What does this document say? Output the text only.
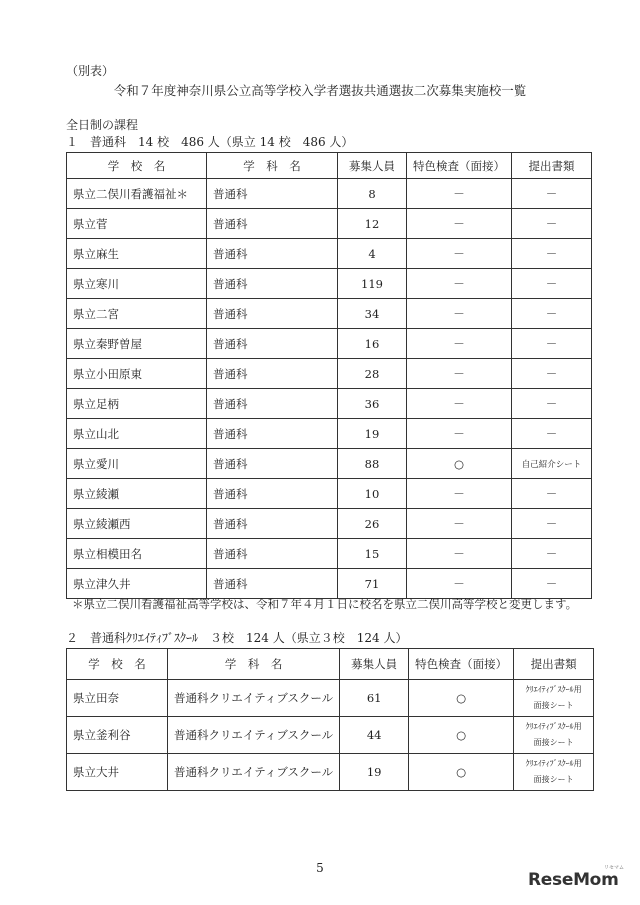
（別表）
令和７年度神奈川県公立高等学校入学者選抜共通選抜二次募集実施校一覧
全日制の課程
１　普通科　14 校　486 人（県立 14 校　486 人）
学　校　名	学　科　名	募集人員	特色検査（面接）	提出書類
県立二俣川看護福祉＊	普通科	8	－	－
県立菅	普通科	12	－	－
県立麻生	普通科	4	－	－
県立寒川	普通科	119	－	－
県立二宮	普通科	34	－	－
県立秦野曽屋	普通科	16	－	－
県立小田原東	普通科	28	－	－
県立足柄	普通科	36	－	－
県立山北	普通科	19	－	－
県立愛川	普通科	88	○	自己紹介シート
県立綾瀬	普通科	10	－	－
県立綾瀬西	普通科	26	－	－
県立相模田名	普通科	15	－	－
県立津久井	普通科	71	－	－
＊県立二俣川看護福祉高等学校は、令和７年４月１日に校名を県立二俣川高等学校と変更します。
２　普通科ｸﾘｴｲﾃｨﾌﾞｽｸｰﾙ　３校　124 人（県立３校　124 人）
学　校　名	学　科　名	募集人員	特色検査（面接）	提出書類
県立田奈	普通科クリエイティブスクール	61	○	ｸﾘｴｲﾃｨﾌﾞｽｸｰﾙ用
面接シート

県立釜利谷	普通科クリエイティブスクール	44	○	ｸﾘｴｲﾃｨﾌﾞｽｸｰﾙ用
面接シート

県立大井	普通科クリエイティブスクール	19	○	ｸﾘｴｲﾃｨﾌﾞｽｸｰﾙ用
面接シート
5
ReseMom
リセマム
